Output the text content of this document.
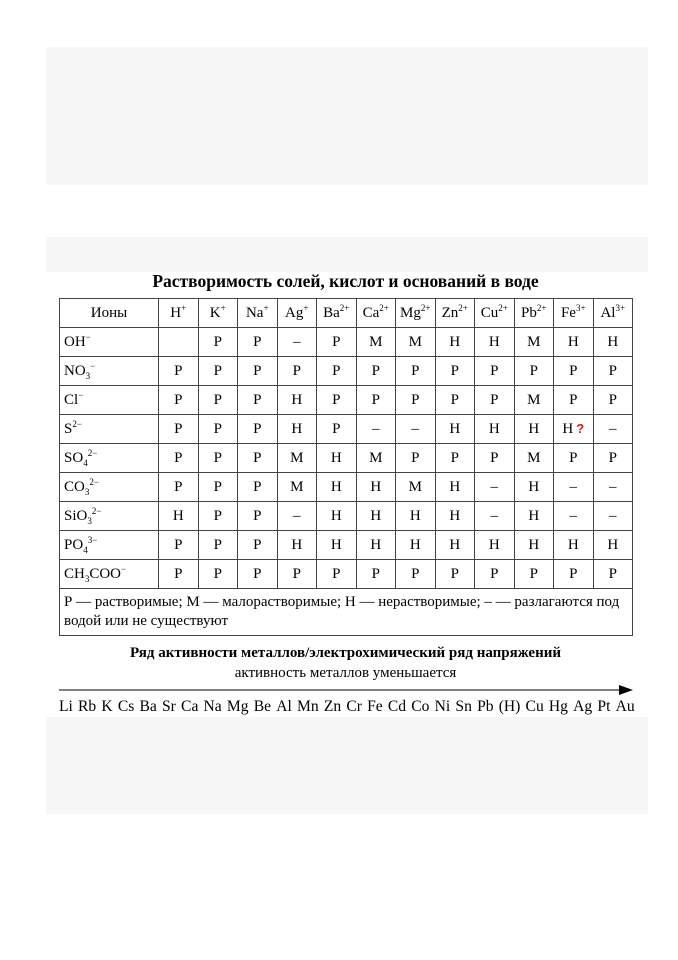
Растворимость солей, кислот и оснований в воде
Ионы	H+	K+	Na+	Ag+	$Ba^{2+}$	$Ca^{2+}$	$Mg^{2+}$	$Zn^{2+}$	$Cu^{2+}$	$Pb^{2+}$	$Fe^{3+}$	$Al^{3+}$
OH−		Р	Р	–	Р	М	М	Н	Н	М	Н	Н
$NO_3^-$	Р	Р	Р	Р	Р	Р	Р	Р	Р	Р	Р	Р
Cl−	Р	Р	Р	Н	Р	Р	Р	Р	Р	М	Р	Р
$S^{2-}$	Р	Р	Р	Н	Р	–	–	Н	Н	Н	Н ?	–
$SO_4^{2-}$	Р	Р	Р	М	Н	М	Р	Р	Р	М	Р	Р
$CO_3^{2-}$	Р	Р	Р	М	Н	Н	М	Н	–	Н	–	–
SiO$_3^{2-}$	Н	Р	Р	–	Н	Н	Н	Н	–	Н	–	–
$PO_4^{3-}$	Р	Р	Р	Н	Н	Н	Н	Н	Н	Н	Н	Н
$CH_3COO^-$	Р	Р	Р	Р	Р	Р	Р	Р	Р	Р	Р	Р
Р — растворимые; М — малорастворимые; Н — нерастворимые; – — разлагаются под водой или не существуют												
Ряд активности металлов/электрохимический ряд напряжений
активность металлов уменьшается
Li Rb K Cs Ba Sr Ca Na Mg Be Al Mn Zn Cr Fe Cd Co Ni Sn Pb (H) Cu Hg Ag Pt Au
